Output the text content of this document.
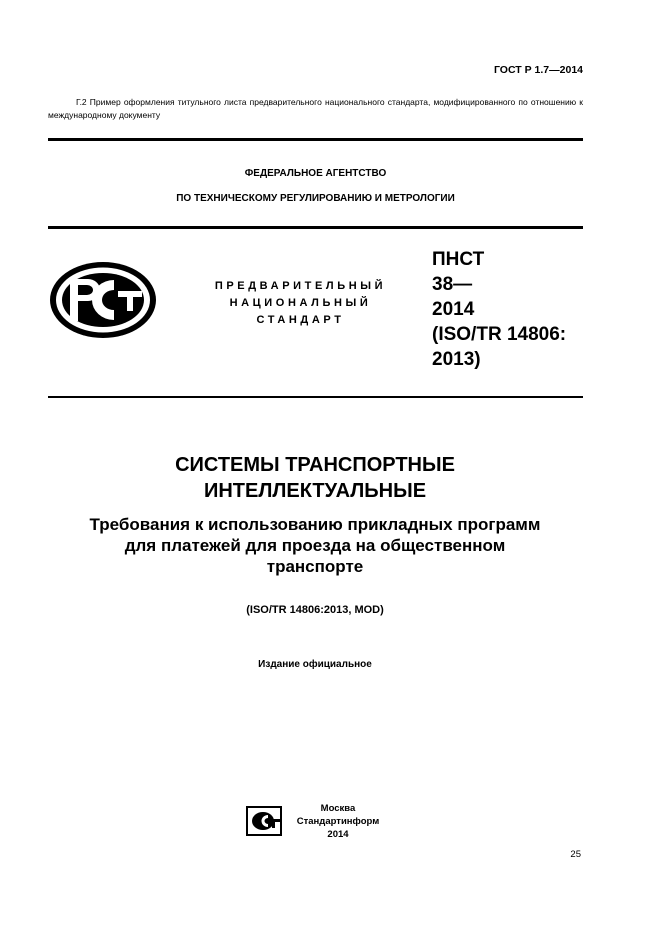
ГОСТ Р 1.7—2014
Г.2 Пример оформления титульного листа предварительного национального стандарта, модифицированного по отношению к международному документу
ФЕДЕРАЛЬНОЕ АГЕНТСТВО
ПО ТЕХНИЧЕСКОМУ РЕГУЛИРОВАНИЮ И МЕТРОЛОГИИ
ПРЕДВАРИТЕЛЬНЫЙ
НАЦИОНАЛЬНЫЙ
СТАНДАРТ
ПНСТ
38—
2014
(ISO/TR 14806:
2013)
СИСТЕМЫ ТРАНСПОРТНЫЕ
ИНТЕЛЛЕКТУАЛЬНЫЕ
Требования к использованию прикладных программ
для платежей для проезда на общественном
транспорте
(ISO/TR 14806:2013, MOD)
Издание официальное
Москва
Стандартинформ
2014
25
